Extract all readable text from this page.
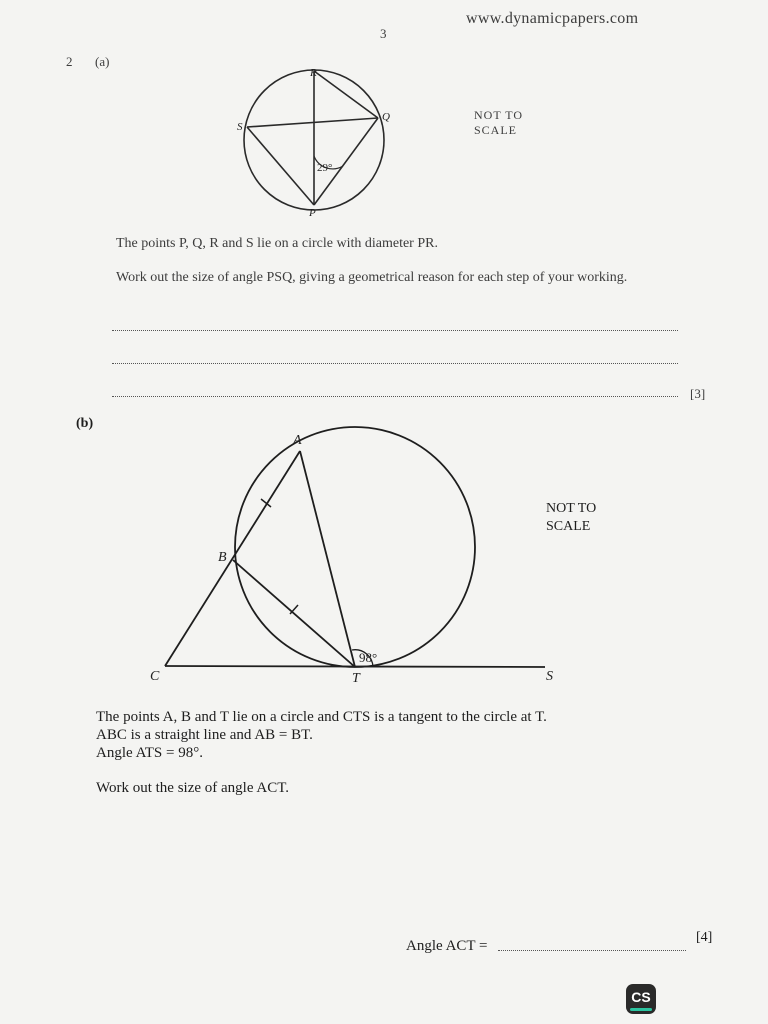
www.dynamicpapers.com
3
2 (a)
R
Q
S
P
29°
A
B
C	T	S
98°
NOT TO
SCALE
The points P, Q, R and S lie on a circle with diameter PR.
Work out the size of angle PSQ, giving a geometrical reason for each step of your working.
[3]
(b)
NOT TO
SCALE
The points A, B and T lie on a circle and CTS is a tangent to the circle at T.
ABC is a straight line and AB = BT.
Angle ATS = 98°.
Work out the size of angle ACT.
Angle ACT =
[4]
CS
